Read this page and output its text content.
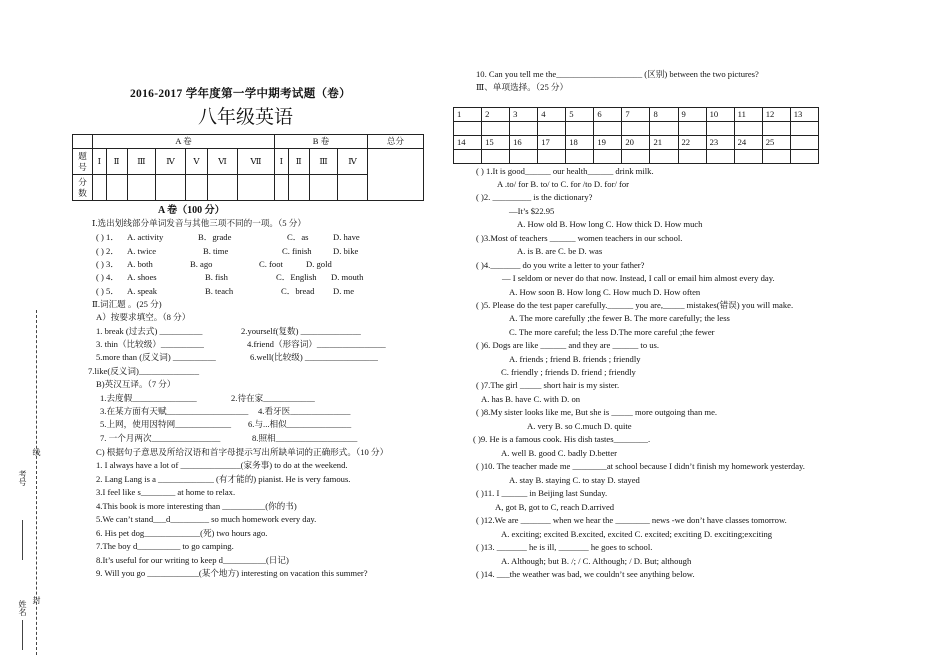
考号
线
姓名 封
2016-2017 学年度第一学中期考试题（卷）
八年级英语
	A 卷							B 卷				总分
题
号	Ⅰ	Ⅱ	Ⅲ	Ⅳ	Ⅴ	Ⅵ	Ⅶ	Ⅰ	Ⅱ	Ⅲ	Ⅳ	
分
数												
A 卷（100 分）
Ⅰ.选出划线部分单词发音与其他三项不同的一项。（5 分）
( ) 1． A. activity	B．grade	C．as	D. have
( ) 2． A. twice	B. time	C. finish D. bike
( ) 3． A. both	B. ago	C. foot	D. gold
( ) 4． A. shoes	B. fish	C．English D. mouth
( ) 5． A. speak	B. teach	C．bread D. me
Ⅱ.词汇题 。(25 分)
A）按要求填空。（8 分）
1. break (过去式) __________	2.yourself(复数) ______________
3. thin（比较级）__________	4.friend（形容词）________________
5.more than (反义词) __________	6.well(比较级) _________________
7.like(反义词)______________
B)英汉互译。（7 分）
1.去度假_______________	2.待在家____________
3.在某方面有天赋___________________ 4.看牙医______________
5.上网，使用因特网_____________ 6.与...相似_______________
7. 一个月两次________________	8.照相___________________
C) 根据句子意思及所给汉语和首字母提示写出所缺单词的正确形式。（10 分）
1. I always have a lot of ______________(家务事) to do at the weekend.
2. Lang Lang is a _____________ (有才能的) pianist. He is very famous.
3.I feel like s________ at home to relax.
4.This book is more interesting than __________(你的书)
5.We can’t stand___d_________ so much homework every day.
6. His pet dog_____________(死) two hours ago.
7.The boy d__________ to go camping.
8.It’s useful for our writing to keep d__________(日记)
9. Will you go ____________(某个地方) interesting on vacation this summer?
10. Can you tell me the____________________ (区别) between the two pictures?
Ⅲ、单项选择。（25 分）
1	2	3	4	5	6	7	8	9	10	11	12	13

14	15	16	17	18	19	20	21	22	23	24	25	

( ) 1.It is good______ our health______ drink milk.
A .to/ for B. to/ to C. for /to D. for/ for
( )2. _________ is the dictionary?
—It’s $22.95
A. How old B. How long C. How thick D. How much
( )3.Most of teachers ______ women teachers in our school.
A. is B. are C. be D. was
( )4._______ do you write a letter to your father?
— I seldom or never do that now. Instead, I call or email him almost every day.
A. How soon B. How long C. How much D. How often
( )5. Please do the test paper carefully.______ you are,_____ mistakes(错误) you will make.
A. The more carefully ;the fewer B. The more carefully; the less
C. The more careful; the less D.The more careful ;the fewer
( )6. Dogs are like ______ and they are ______ to us.
A. friends ; friend B. friends ; friendly
C. friendly ; friends D. friend ; friendly
( )7.The girl _____ short hair is my sister.
A. has B. have C. with D. on
( )8.My sister looks like me, But she is _____ more outgoing than me.
A. very B. so C.much D. quite
( )9. He is a famous cook. His dish tastes________.
A. well B. good C. badly D.better
( )10. The teacher made me ________at school because I didn’t finish my homework yesterday.
A. stay B. staying C. to stay D. stayed
( )11. I ______ in Beijing last Sunday.
A, got B, got to C, reach D.arrived
( )12.We are _______ when we hear the ________ news -we don’t have classes tomorrow.
A. exciting; excited B.excited, excited C. excited; exciting D. exciting;exciting
( )13. _______ he is ill, _______ he goes to school.
A. Although; but B. /; / C. Although; / D. But; although
( )14. ___the weather was bad, we couldn’t see anything below.
